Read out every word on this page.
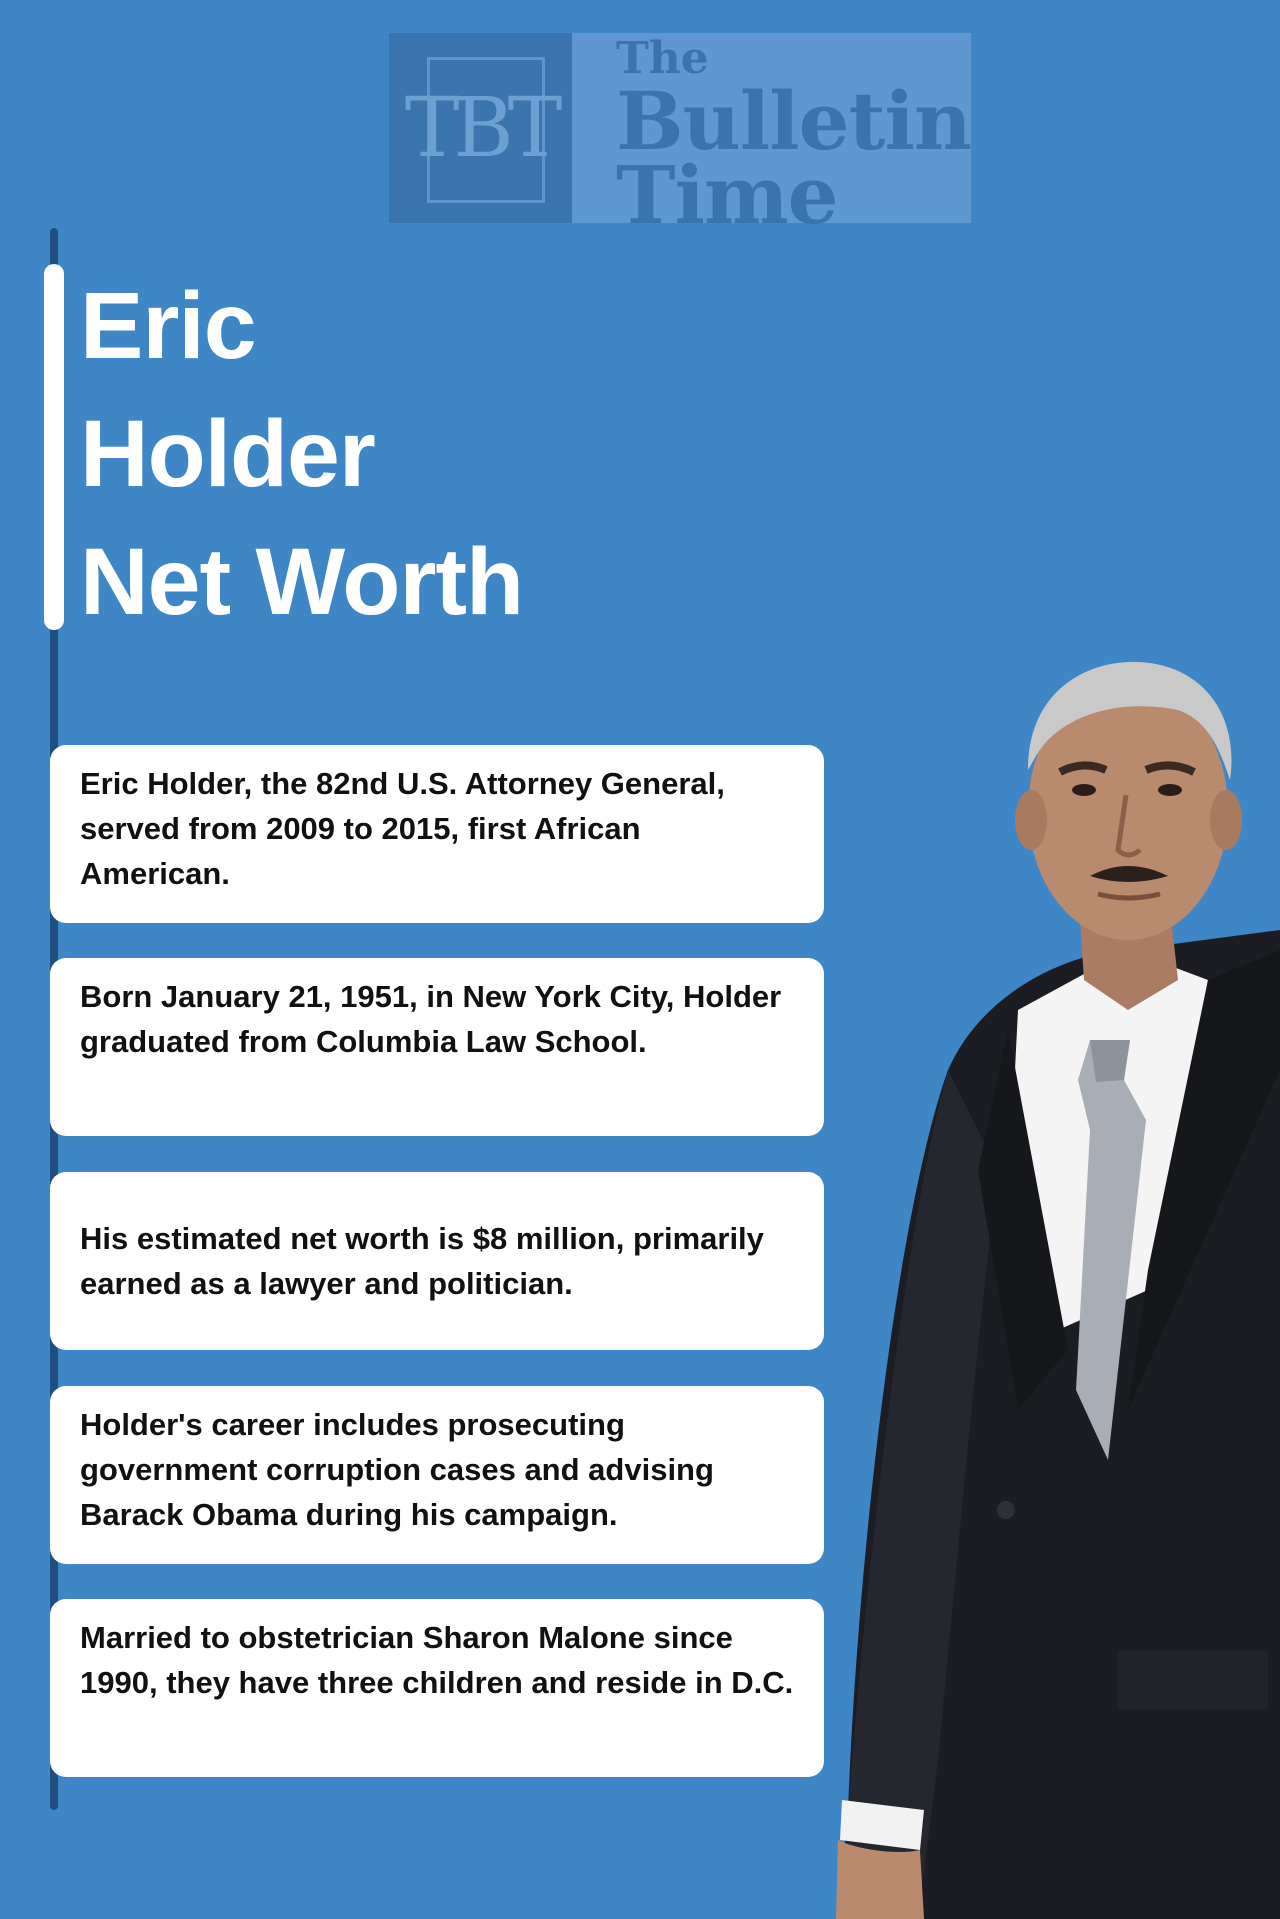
TBT
The
Bulletin
Time
Eric
Holder
Net Worth
Eric Holder, the 82nd U.S. Attorney General, served from 2009 to 2015, first African American.
Born January 21, 1951, in New York City, Holder graduated from Columbia Law School.
His estimated net worth is $8 million, primarily earned as a lawyer and politician.
Holder's career includes prosecuting government corruption cases and advising Barack Obama during his campaign.
Married to obstetrician Sharon Malone since 1990, they have three children and reside in D.C.
